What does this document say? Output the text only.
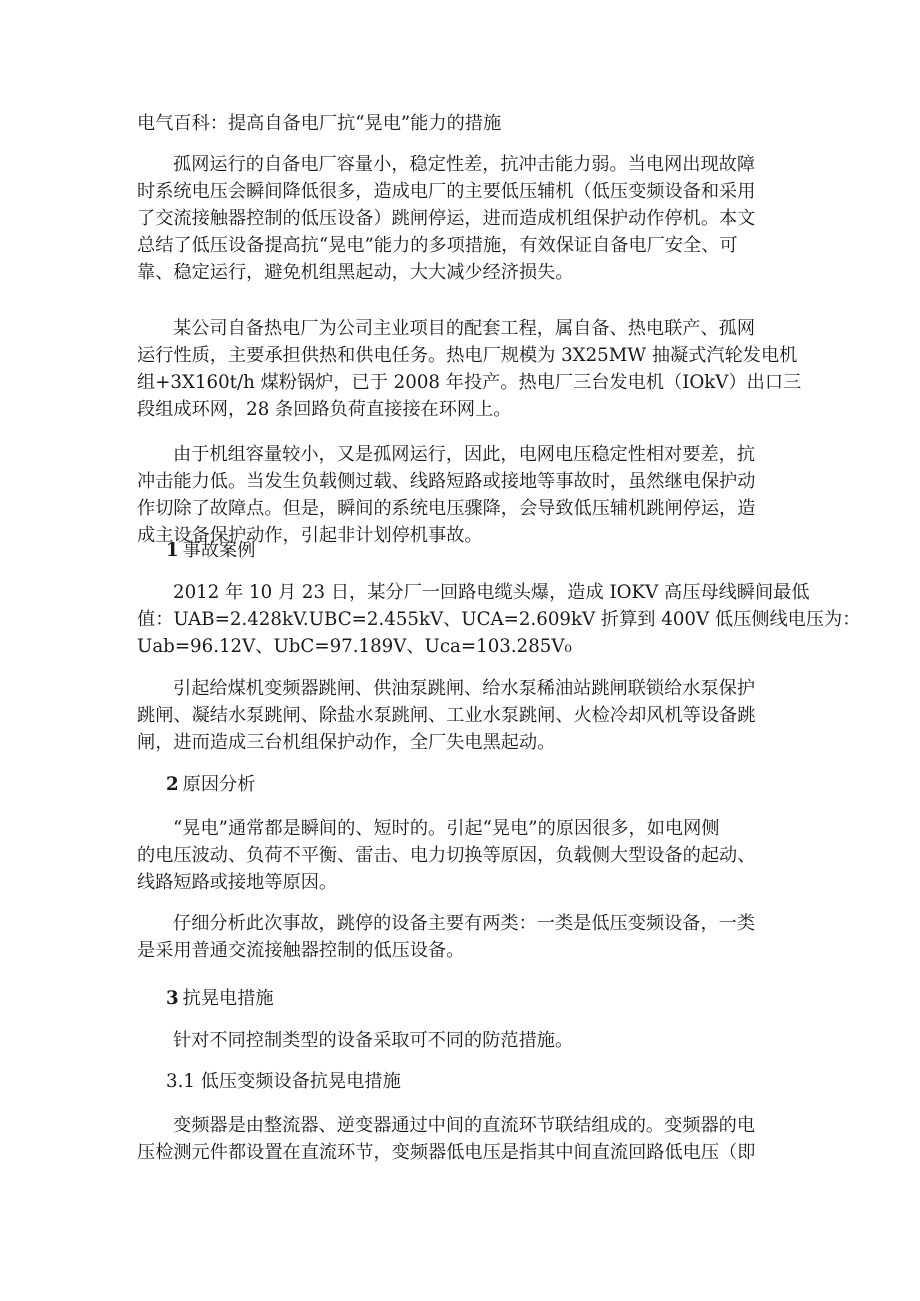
电气百科：提高自备电厂抗“晃电”能力的措施

孤网运行的自备电厂容量小，稳定性差，抗冲击能力弱。当电网出现故障
时系统电压会瞬间降低很多，造成电厂的主要低压辅机（低压变频设备和采用
了交流接触器控制的低压设备）跳闸停运，进而造成机组保护动作停机。本文
总结了低压设备提高抗“晃电”能力的多项措施，有效保证自备电厂安全、可
靠、稳定运行，避免机组黑起动，大大减少经济损失。

某公司自备热电厂为公司主业项目的配套工程，属自备、热电联产、孤网
运行性质，主要承担供热和供电任务。热电厂规模为 3X25MW 抽凝式汽轮发电机
组+3X160t/h 煤粉锅炉，已于 2008 年投产。热电厂三台发电机（IOkV）出口三
段组成环网，28 条回路负荷直接接在环网上。

由于机组容量较小，又是孤网运行，因此，电网电压稳定性相对要差，抗
冲击能力低。当发生负载侧过载、线路短路或接地等事故时，虽然继电保护动
作切除了故障点。但是，瞬间的系统电压骤降，会导致低压辅机跳闸停运，造
成主设备保护动作，引起非计划停机事故。

1 事故案例

2012 年 10 月 23 日，某分厂一回路电缆头爆，造成 IOKV 高压母线瞬间最低
值：UAB=2.428kV.UBC=2.455kV、UCA=2.609kV 折算到 400V 低压侧线电压为：
Uab=96.12V、UbC=97.189V、Uca=103.285V₀

引起给煤机变频器跳闸、供油泵跳闸、给水泵稀油站跳闸联锁给水泵保护
跳闸、凝结水泵跳闸、除盐水泵跳闸、工业水泵跳闸、火检冷却风机等设备跳
闸，进而造成三台机组保护动作，全厂失电黑起动。

2 原因分析

“晃电”通常都是瞬间的、短时的。引起“晃电”的原因很多，如电网侧
的电压波动、负荷不平衡、雷击、电力切换等原因，负载侧大型设备的起动、
线路短路或接地等原因。

仔细分析此次事故，跳停的设备主要有两类：一类是低压变频设备，一类
是采用普通交流接触器控制的低压设备。

3 抗晃电措施

针对不同控制类型的设备采取可不同的防范措施。

3.1 低压变频设备抗晃电措施

变频器是由整流器、逆变器通过中间的直流环节联结组成的。变频器的电
压检测元件都设置在直流环节，变频器低电压是指其中间直流回路低电压（即
